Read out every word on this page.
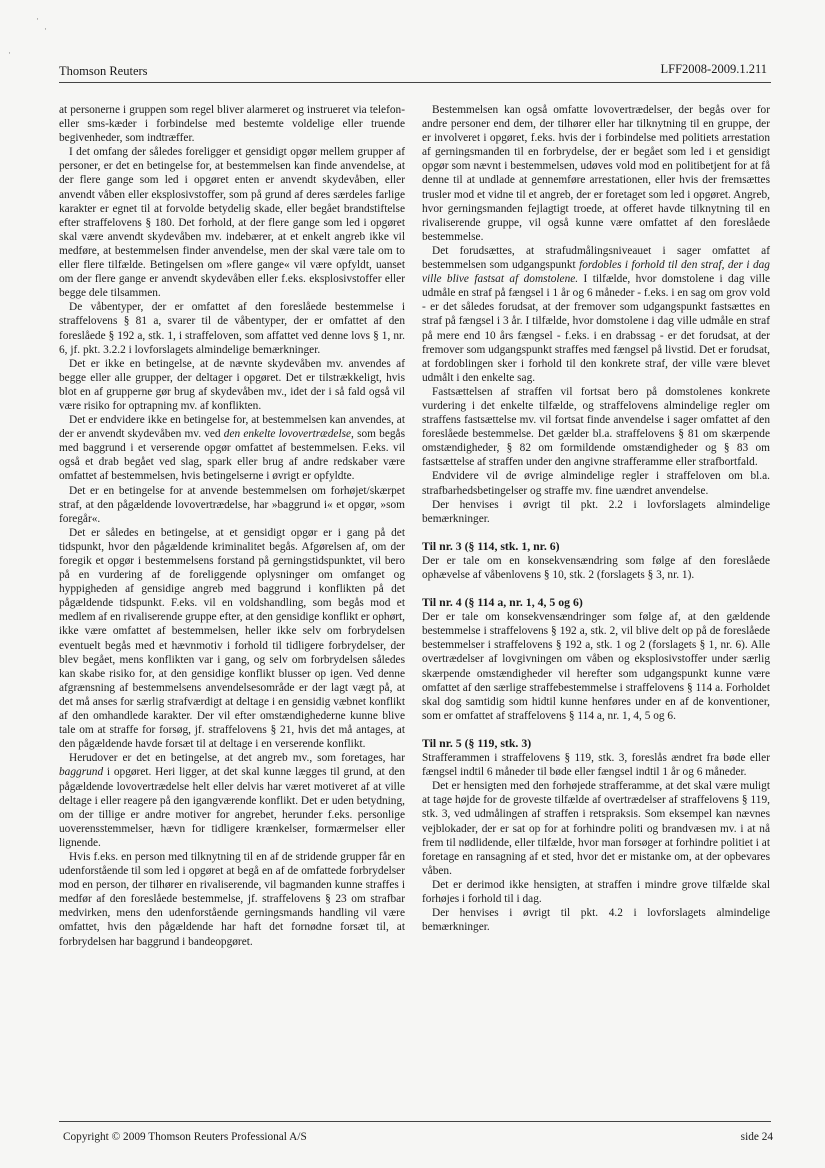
·
·
·
Thomson Reuters	LFF2008-2009.1.211

at personerne i gruppen som regel bliver alarmeret og instrueret via telefon- eller sms-kæder i forbindelse med bestemte voldelige eller truende begivenheder, som indtræffer.

I det omfang der således foreligger et gensidigt opgør mellem grupper af personer, er det en betingelse for, at bestemmelsen kan finde anvendelse, at der flere gange som led i opgøret enten er anvendt skydevåben, eller anvendt våben eller eksplosivstoffer, som på grund af deres særdeles farlige karakter er egnet til at forvolde betydelig skade, eller begået brandstiftelse efter straffelovens § 180. Det forhold, at der flere gange som led i opgøret skal være anvendt skydevåben mv. indebærer, at et enkelt angreb ikke vil medføre, at bestemmelsen finder anvendelse, men der skal være tale om to eller flere tilfælde. Betingelsen om »flere gange« vil være opfyldt, uanset om der flere gange er anvendt skydevåben eller f.eks. eksplosivstoffer eller begge dele tilsammen.

De våbentyper, der er omfattet af den foreslåede bestemmelse i straffelovens § 81 a, svarer til de våbentyper, der er omfattet af den foreslåede § 192 a, stk. 1, i straffeloven, som affattet ved denne lovs § 1, nr. 6, jf. pkt. 3.2.2 i lovforslagets almindelige bemærkninger.

Det er ikke en betingelse, at de nævnte skydevåben mv. anvendes af begge eller alle grupper, der deltager i opgøret. Det er tilstrækkeligt, hvis blot en af grupperne gør brug af skydevåben mv., idet der i så fald også vil være risiko for optrapning mv. af konflikten.

Det er endvidere ikke en betingelse for, at bestemmelsen kan anvendes, at der er anvendt skydevåben mv. ved den enkelte lovovertrædelse, som begås med baggrund i et verserende opgør omfattet af bestemmelsen. F.eks. vil også et drab begået ved slag, spark eller brug af andre redskaber være omfattet af bestemmelsen, hvis betingelserne i øvrigt er opfyldte.

Det er en betingelse for at anvende bestemmelsen om forhøjet/skærpet straf, at den pågældende lovovertrædelse, har »baggrund i« et opgør, »som foregår«.

Det er således en betingelse, at et gensidigt opgør er i gang på det tidspunkt, hvor den pågældende kriminalitet begås. Afgørelsen af, om der foregik et opgør i bestemmelsens forstand på gerningstidspunktet, vil bero på en vurdering af de foreliggende oplysninger om omfanget og hyppigheden af gensidige angreb med baggrund i konflikten på det pågældende tidspunkt. F.eks. vil en voldshandling, som begås mod et medlem af en rivaliserende gruppe efter, at den gensidige konflikt er ophørt, ikke være omfattet af bestemmelsen, heller ikke selv om forbrydelsen eventuelt begås med et hævnmotiv i forhold til tidligere forbrydelser, der blev begået, mens konflikten var i gang, og selv om forbrydelsen således kan skabe risiko for, at den gensidige konflikt blusser op igen. Ved denne afgrænsning af bestemmelsens anvendelsesområde er der lagt vægt på, at det må anses for særlig strafværdigt at deltage i en gensidig væbnet konflikt af den omhandlede karakter. Der vil efter omstændighederne kunne blive tale om at straffe for forsøg, jf. straffelovens § 21, hvis det må antages, at den pågældende havde forsæt til at deltage i en verserende konflikt.

Herudover er det en betingelse, at det angreb mv., som foretages, har baggrund i opgøret. Heri ligger, at det skal kunne lægges til grund, at den pågældende lovovertrædelse helt eller delvis har været motiveret af at ville deltage i eller reagere på den igangværende konflikt. Det er uden betydning, om der tillige er andre motiver for angrebet, herunder f.eks. personlige uoverensstemmelser, hævn for tidligere krænkelser, formærmelser eller lignende.

Hvis f.eks. en person med tilknytning til en af de stridende grupper får en udenforstående til som led i opgøret at begå en af de omfattede forbrydelser mod en person, der tilhører en rivaliserende, vil bagmanden kunne straffes i medfør af den foreslåede bestemmelse, jf. straffelovens § 23 om strafbar medvirken, mens den udenforstående gerningsmands handling vil være omfattet, hvis den pågældende har haft det fornødne forsæt til, at forbrydelsen har baggrund i bandeopgøret.

Bestemmelsen kan også omfatte lovovertrædelser, der begås over for andre personer end dem, der tilhører eller har tilknytning til en gruppe, der er involveret i opgøret, f.eks. hvis der i forbindelse med politiets arrestation af gerningsmanden til en forbrydelse, der er begået som led i et gensidigt opgør som nævnt i bestemmelsen, udøves vold mod en politibetjent for at få denne til at undlade at gennemføre arrestationen, eller hvis der fremsættes trusler mod et vidne til et angreb, der er foretaget som led i opgøret. Angreb, hvor gerningsmanden fejlagtigt troede, at offeret havde tilknytning til en rivaliserende gruppe, vil også kunne være omfattet af den foreslåede bestemmelse.

Det forudsættes, at strafudmålingsniveauet i sager omfattet af bestemmelsen som udgangspunkt fordobles i forhold til den straf, der i dag ville blive fastsat af domstolene. I tilfælde, hvor domstolene i dag ville udmåle en straf på fængsel i 1 år og 6 måneder - f.eks. i en sag om grov vold - er det således forudsat, at der fremover som udgangspunkt fastsættes en straf på fængsel i 3 år. I tilfælde, hvor domstolene i dag ville udmåle en straf på mere end 10 års fængsel - f.eks. i en drabssag - er det forudsat, at der fremover som udgangspunkt straffes med fængsel på livstid. Det er forudsat, at fordoblingen sker i forhold til den konkrete straf, der ville være blevet udmålt i den enkelte sag.

Fastsættelsen af straffen vil fortsat bero på domstolenes konkrete vurdering i det enkelte tilfælde, og straffelovens almindelige regler om straffens fastsættelse mv. vil fortsat finde anvendelse i sager omfattet af den foreslåede bestemmelse. Det gælder bl.a. straffelovens § 81 om skærpende omstændigheder, § 82 om formildende omstændigheder og § 83 om fastsættelse af straffen under den angivne strafferamme eller strafbortfald.

Endvidere vil de øvrige almindelige regler i straffeloven om bl.a. strafbarhedsbetingelser og straffe mv. fine uændret anvendelse.

Der henvises i øvrigt til pkt. 2.2 i lovforslagets almindelige bemærkninger.

Til nr. 3 (§ 114, stk. 1, nr. 6)

Der er tale om en konsekvensændring som følge af den foreslåede ophævelse af våbenlovens § 10, stk. 2 (forslagets § 3, nr. 1).

Til nr. 4 (§ 114 a, nr. 1, 4, 5 og 6)

Der er tale om konsekvensændringer som følge af, at den gældende bestemmelse i straffelovens § 192 a, stk. 2, vil blive delt op på de foreslåede bestemmelser i straffelovens § 192 a, stk. 1 og 2 (forslagets § 1, nr. 6). Alle overtrædelser af lovgivningen om våben og eksplosivstoffer under særlig skærpende omstændigheder vil herefter som udgangspunkt kunne være omfattet af den særlige straffebestemmelse i straffelovens § 114 a. Forholdet skal dog samtidig som hidtil kunne henføres under en af de konventioner, som er omfattet af straffelovens § 114 a, nr. 1, 4, 5 og 6.

Til nr. 5 (§ 119, stk. 3)

Strafferammen i straffelovens § 119, stk. 3, foreslås ændret fra bøde eller fængsel indtil 6 måneder til bøde eller fængsel indtil 1 år og 6 måneder.

Det er hensigten med den forhøjede strafferamme, at det skal være muligt at tage højde for de groveste tilfælde af overtrædelser af straffelovens § 119, stk. 3, ved udmålingen af straffen i retspraksis. Som eksempel kan nævnes vejblokader, der er sat op for at forhindre politi og brandvæsen mv. i at nå frem til nødlidende, eller tilfælde, hvor man forsøger at forhindre politiet i at foretage en ransagning af et sted, hvor det er mistanke om, at der opbevares våben.

Det er derimod ikke hensigten, at straffen i mindre grove tilfælde skal forhøjes i forhold til i dag.

Der henvises i øvrigt til pkt. 4.2 i lovforslagets almindelige bemærkninger.

Copyright © 2009 Thomson Reuters Professional A/S	side 24
